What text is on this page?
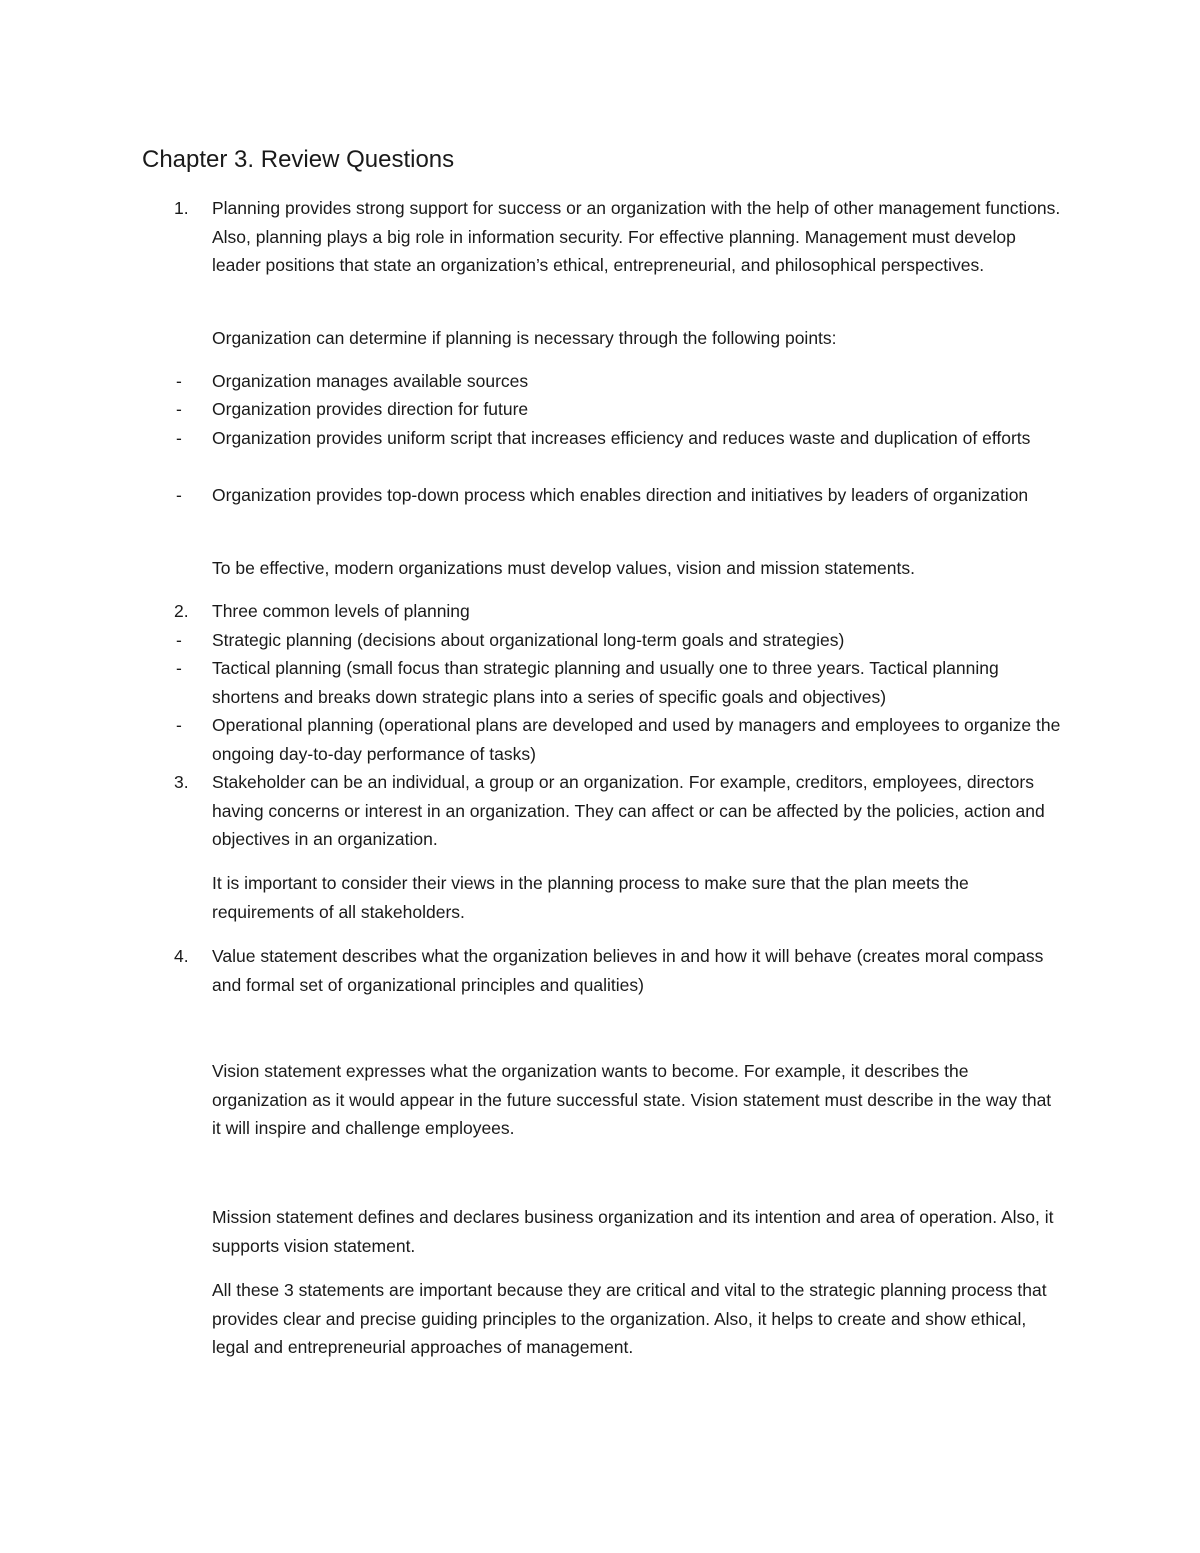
Chapter 3. Review Questions
1. Planning provides strong support for success or an organization with the help of other management functions. Also, planning plays a big role in information security. For effective planning. Management must develop leader positions that state an organization’s ethical, entrepreneurial, and philosophical perspectives.

Organization can determine if planning is necessary through the following points:

- Organization manages available sources

- Organization provides direction for future

- Organization provides uniform script that increases efficiency and reduces waste and duplication of efforts

- Organization provides top-down process which enables direction and initiatives by leaders of organization

To be effective, modern organizations must develop values, vision and mission statements.

2. Three common levels of planning

- Strategic planning (decisions about organizational long-term goals and strategies)

- Tactical planning (small focus than strategic planning and usually one to three years. Tactical planning shortens and breaks down strategic plans into a series of specific goals and objectives)

- Operational planning (operational plans are developed and used by managers and employees to organize the ongoing day-to-day performance of tasks)

3. Stakeholder can be an individual, a group or an organization. For example, creditors, employees, directors having concerns or interest in an organization. They can affect or can be affected by the policies, action and objectives in an organization.

It is important to consider their views in the planning process to make sure that the plan meets the requirements of all stakeholders.

4. Value statement describes what the organization believes in and how it will behave (creates moral compass and formal set of organizational principles and qualities)

Vision statement expresses what the organization wants to become. For example, it describes the organization as it would appear in the future successful state. Vision statement must describe in the way that it will inspire and challenge employees.

Mission statement defines and declares business organization and its intention and area of operation. Also, it supports vision statement.

All these 3 statements are important because they are critical and vital to the strategic planning process that provides clear and precise guiding principles to the organization. Also, it helps to create and show ethical, legal and entrepreneurial approaches of management.
